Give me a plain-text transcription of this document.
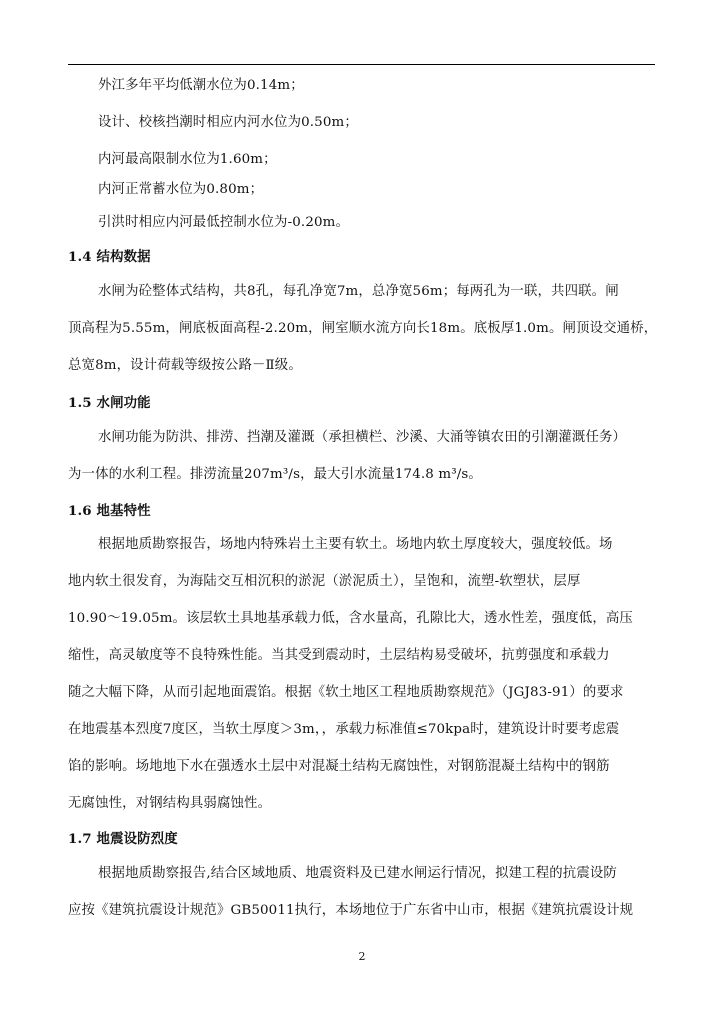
外江多年平均低潮水位为0.14m；
设计、校核挡潮时相应内河水位为0.50m；
内河最高限制水位为1.60m；
内河正常蓄水位为0.80m；
引洪时相应内河最低控制水位为-0.20m。
1.4 结构数据
水闸为砼整体式结构，共8孔，每孔净宽7m，总净宽56m；每两孔为一联，共四联。闸
顶高程为5.55m，闸底板面高程-2.20m，闸室顺水流方向长18m。底板厚1.0m。闸顶设交通桥，
总宽8m，设计荷载等级按公路－Ⅱ级。
1.5 水闸功能
水闸功能为防洪、排涝、挡潮及灌溉（承担横栏、沙溪、大涌等镇农田的引潮灌溉任务）
为一体的水利工程。排涝流量207m³/s，最大引水流量174.8 m³/s。
1.6 地基特性
根据地质勘察报告，场地内特殊岩土主要有软土。场地内软土厚度较大，强度较低。场
地内软土很发育，为海陆交互相沉积的淤泥（淤泥质土），呈饱和，流塑-软塑状，层厚
10.90～19.05m。该层软土具地基承载力低，含水量高，孔隙比大，透水性差，强度低，高压
缩性，高灵敏度等不良特殊性能。当其受到震动时，土层结构易受破坏，抗剪强度和承载力
随之大幅下降，从而引起地面震馅。根据《软土地区工程地质勘察规范》（JGJ83-91）的要求
在地震基本烈度7度区，当软土厚度＞3m，，承载力标准值≤70kpa时，建筑设计时要考虑震
馅的影响。场地地下水在强透水土层中对混凝土结构无腐蚀性，对钢筋混凝土结构中的钢筋
无腐蚀性，对钢结构具弱腐蚀性。
1.7 地震设防烈度
根据地质勘察报告,结合区域地质、地震资料及已建水闸运行情况，拟建工程的抗震设防
应按《建筑抗震设计规范》GB50011执行，本场地位于广东省中山市，根据《建筑抗震设计规
2
